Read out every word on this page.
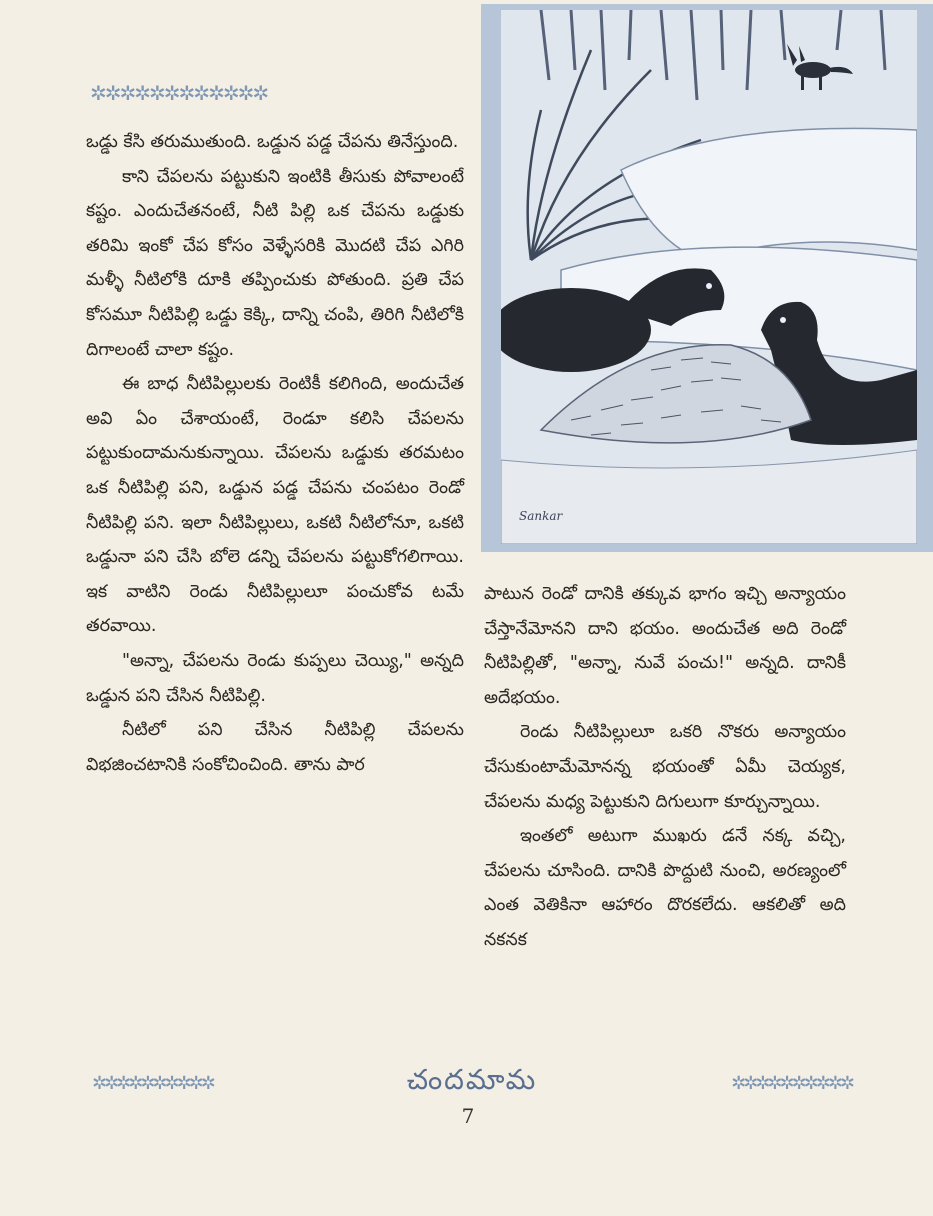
✲✲✲✲✲✲✲✲✲✲✲✲

ఒడ్డు కేసి తరుముతుంది. ఒడ్డున పడ్డ చేపను తినేస్తుంది.

కాని చేపలను పట్టుకుని ఇంటికి తీసుకు పోవాలంటే కష్టం. ఎందుచేతనంటే, నీటి పిల్లి ఒక చేపను ఒడ్డుకు తరిమి ఇంకో చేప కోసం వెళ్ళేసరికి మొదటి చేప ఎగిరి మళ్ళీ నీటిలోకి దూకి తప్పించుకు పోతుంది. ప్రతి చేప కోసమూ నీటిపిల్లి ఒడ్డు కెక్కి, దాన్ని చంపి, తిరిగి నీటిలోకి దిగాలంటే చాలా కష్టం.

ఈ బాధ నీటిపిల్లులకు రెంటికీ కలిగింది, అందుచేత అవి ఏం చేశాయంటే, రెండూ కలిసి చేపలను పట్టుకుందామనుకున్నాయి. చేపలను ఒడ్డుకు తరమటం ఒక నీటిపిల్లి పని, ఒడ్డున పడ్డ చేపను చంపటం రెండో నీటిపిల్లి పని. ఇలా నీటిపిల్లులు, ఒకటి నీటిలోనూ, ఒకటి ఒడ్డునా పని చేసి బోలె డన్ని చేపలను పట్టుకోగలిగాయి. ఇక వాటిని రెండు నీటిపిల్లులూ పంచుకోవ టమే తరవాయి.

"అన్నా, చేపలను రెండు కుప్పలు చెయ్యి," అన్నది ఒడ్డున పని చేసిన నీటిపిల్లి.

నీటిలో పని చేసిన నీటిపిల్లి చేపలను విభజించటానికి సంకోచించింది. తాను పార

Sankar

పాటున రెండో దానికి తక్కువ భాగం ఇచ్చి అన్యాయం చేస్తానేమోనని దాని భయం. అందుచేత అది రెండో నీటిపిల్లితో, "అన్నా, నువే పంచు!" అన్నది. దానికీ అదేభయం.

రెండు నీటిపిల్లులూ ఒకరి నొకరు అన్యాయం చేసుకుంటామేమోనన్న భయంతో ఏమీ చెయ్యక, చేపలను మధ్య పెట్టుకుని దిగులుగా కూర్చున్నాయి.

ఇంతలో అటుగా ముఖరు డనే నక్క వచ్చి, చేపలను చూసింది. దానికి పొద్దుటి నుంచి, అరణ్యంలో ఎంత వెతికినా ఆహారం దొరకలేదు. ఆకలితో అది నకనక

✲✲✲✲✲✲✲✲✲✲	చందమామ	✲✲✲✲✲✲✲✲✲✲
7
